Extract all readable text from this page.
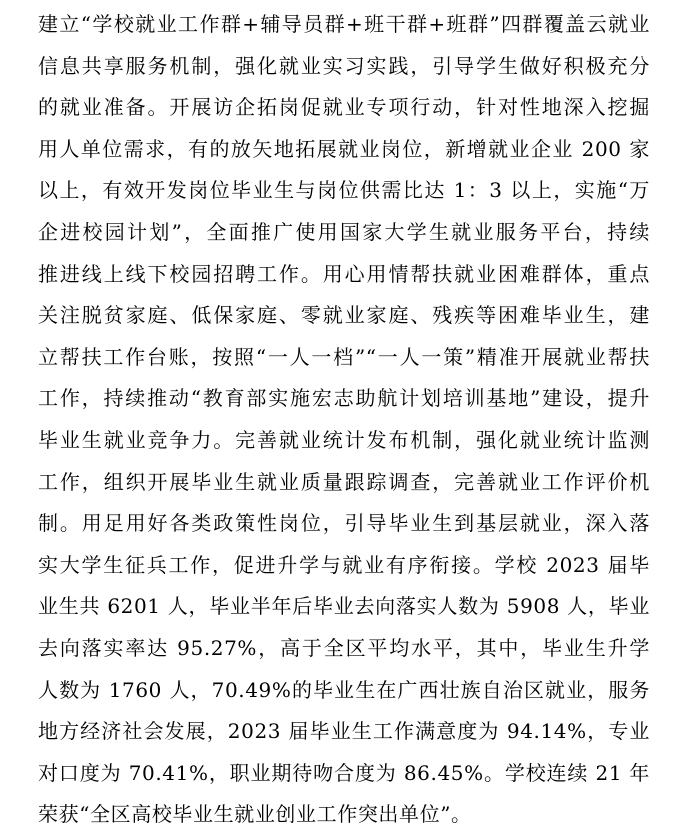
建立“学校就业工作群+辅导员群+班干群+班群”四群覆盖云就业
信息共享服务机制，强化就业实习实践，引导学生做好积极充分
的就业准备。开展访企拓岗促就业专项行动，针对性地深入挖掘
用人单位需求，有的放矢地拓展就业岗位，新增就业企业 200 家
以上，有效开发岗位毕业生与岗位供需比达 1：3 以上，实施“万
企进校园计划”，全面推广使用国家大学生就业服务平台，持续
推进线上线下校园招聘工作。用心用情帮扶就业困难群体，重点
关注脱贫家庭、低保家庭、零就业家庭、残疾等困难毕业生，建
立帮扶工作台账，按照“一人一档”“一人一策”精准开展就业帮扶
工作，持续推动“教育部实施宏志助航计划培训基地”建设，提升
毕业生就业竞争力。完善就业统计发布机制，强化就业统计监测
工作，组织开展毕业生就业质量跟踪调查，完善就业工作评价机
制。用足用好各类政策性岗位，引导毕业生到基层就业，深入落
实大学生征兵工作，促进升学与就业有序衔接。学校 2023 届毕
业生共 6201 人，毕业半年后毕业去向落实人数为 5908 人，毕业
去向落实率达 95.27%，高于全区平均水平，其中，毕业生升学
人数为 1760 人，70.49%的毕业生在广西壮族自治区就业，服务
地方经济社会发展，2023 届毕业生工作满意度为 94.14%，专业
对口度为 70.41%，职业期待吻合度为 86.45%。学校连续 21 年
荣获“全区高校毕业生就业创业工作突出单位”。
